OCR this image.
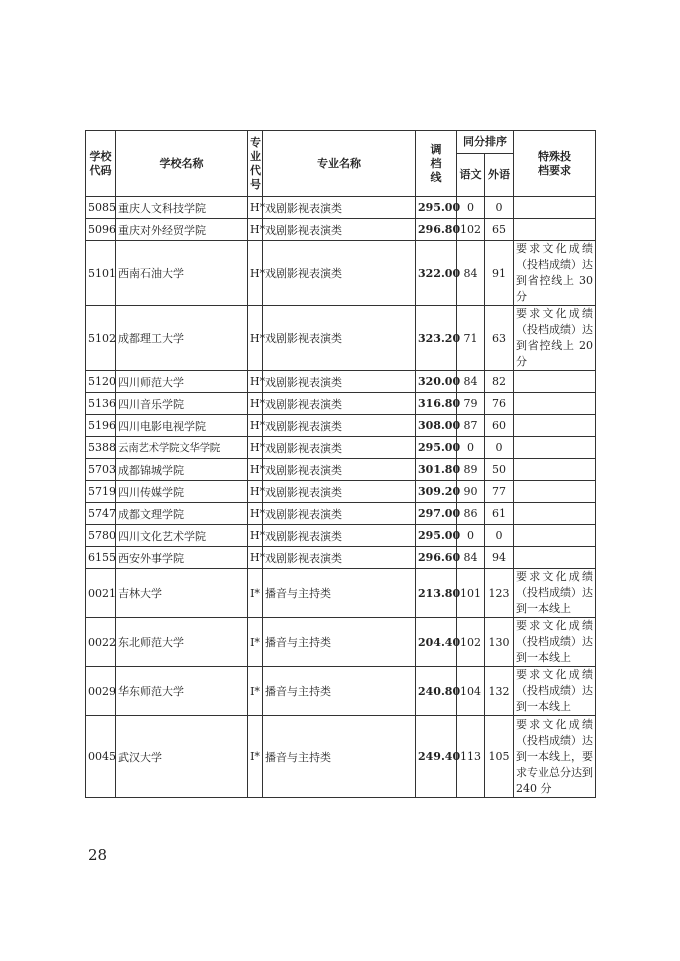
学校代码	学校名称	专业代号	专业名称	调档线	同分排序		特殊投档要求
					语文	外语	
5085	重庆人文科技学院	H*	戏剧影视表演类	295.00	0	0	
5096	重庆对外经贸学院	H*	戏剧影视表演类	296.80	102	65	
5101	西南石油大学	H*	戏剧影视表演类	322.00	84	91	要求文化成绩（投档成绩）达到省控线上 30 分
5102	成都理工大学	H*	戏剧影视表演类	323.20	71	63	要求文化成绩（投档成绩）达到省控线上 20 分
5120	四川师范大学	H*	戏剧影视表演类	320.00	84	82	
5136	四川音乐学院	H*	戏剧影视表演类	316.80	79	76	
5196	四川电影电视学院	H*	戏剧影视表演类	308.00	87	60	
5388	云南艺术学院文华学院	H*	戏剧影视表演类	295.00	0	0	
5703	成都锦城学院	H*	戏剧影视表演类	301.80	89	50	
5719	四川传媒学院	H*	戏剧影视表演类	309.20	90	77	
5747	成都文理学院	H*	戏剧影视表演类	297.00	86	61	
5780	四川文化艺术学院	H*	戏剧影视表演类	295.00	0	0	
6155	西安外事学院	H*	戏剧影视表演类	296.60	84	94	
0021	吉林大学	I*	播音与主持类	213.80	101	123	要求文化成绩（投档成绩）达到一本线上
0022	东北师范大学	I*	播音与主持类	204.40	102	130	要求文化成绩（投档成绩）达到一本线上
0029	华东师范大学	I*	播音与主持类	240.80	104	132	要求文化成绩（投档成绩）达到一本线上
0045	武汉大学	I*	播音与主持类	249.40	113	105	要求文化成绩（投档成绩）达到一本线上，要求专业总分达到 240 分
28
